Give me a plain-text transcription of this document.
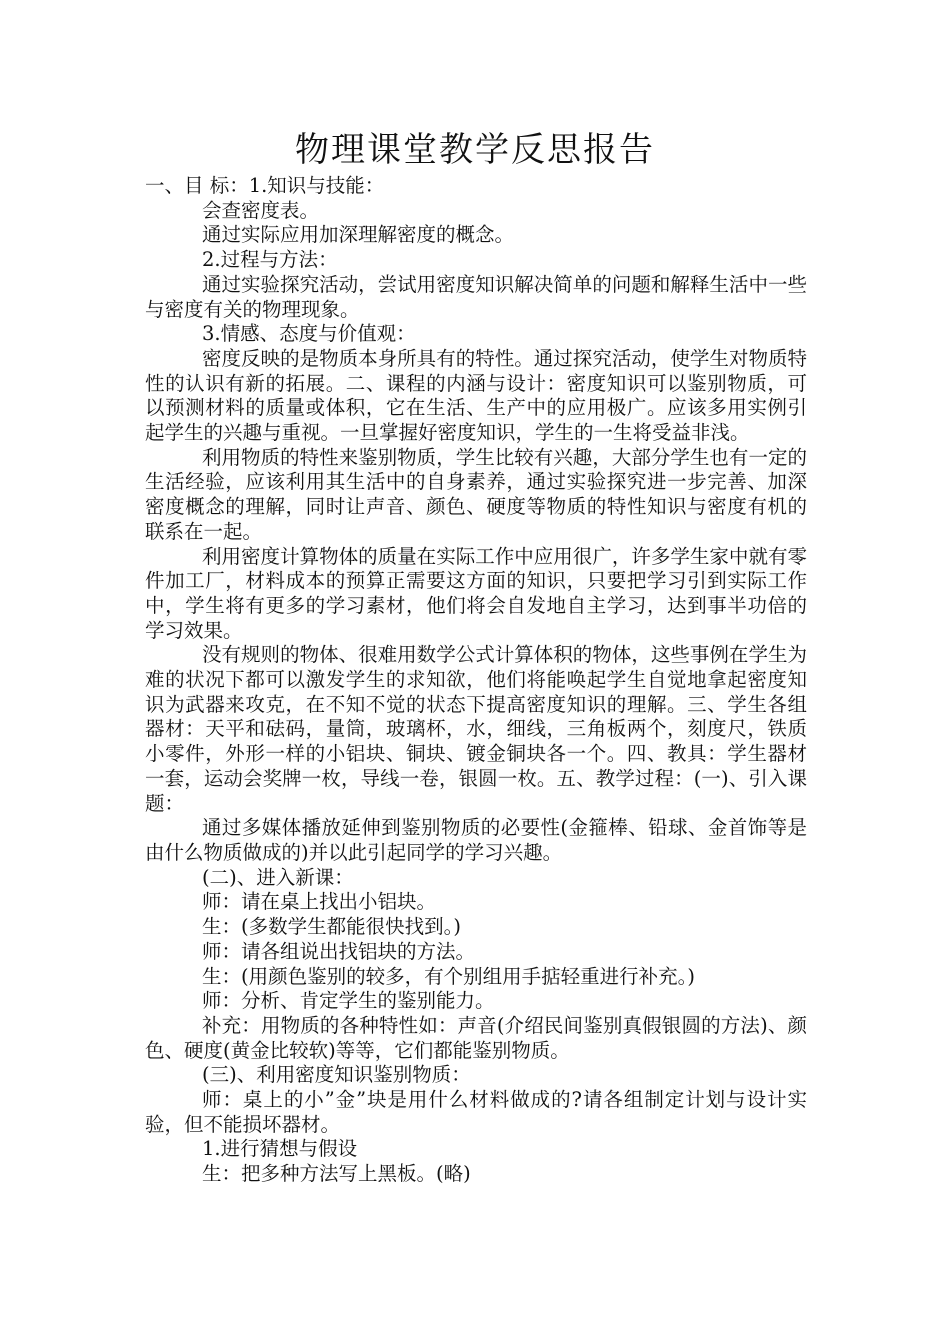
物理课堂教学反思报告

一、目 标：1.知识与技能：

会查密度表。

通过实际应用加深理解密度的概念。

2.过程与方法：

通过实验探究活动，尝试用密度知识解决简单的问题和解释生活中一些与密度有关的物理现象。

3.情感、态度与价值观：

密度反映的是物质本身所具有的特性。通过探究活动，使学生对物质特性的认识有新的拓展。二、课程的内涵与设计：密度知识可以鉴别物质，可以预测材料的质量或体积，它在生活、生产中的应用极广。应该多用实例引起学生的兴趣与重视。一旦掌握好密度知识，学生的一生将受益非浅。

利用物质的特性来鉴别物质，学生比较有兴趣，大部分学生也有一定的生活经验，应该利用其生活中的自身素养，通过实验探究进一步完善、加深密度概念的理解，同时让声音、颜色、硬度等物质的特性知识与密度有机的联系在一起。

利用密度计算物体的质量在实际工作中应用很广，许多学生家中就有零件加工厂，材料成本的预算正需要这方面的知识，只要把学习引到实际工作中，学生将有更多的学习素材，他们将会自发地自主学习，达到事半功倍的学习效果。

没有规则的物体、很难用数学公式计算体积的物体，这些事例在学生为难的状况下都可以激发学生的求知欲，他们将能唤起学生自觉地拿起密度知识为武器来攻克，在不知不觉的状态下提高密度知识的理解。三、学生各组器材：天平和砝码，量筒，玻璃杯，水，细线，三角板两个，刻度尺，铁质小零件，外形一样的小铝块、铜块、镀金铜块各一个。四、教具：学生器材一套，运动会奖牌一枚，导线一卷，银圆一枚。五、教学过程：(一)、引入课题：

通过多媒体播放延伸到鉴别物质的必要性(金箍棒、铅球、金首饰等是由什么物质做成的)并以此引起同学的学习兴趣。

(二)、进入新课：

师：请在桌上找出小铝块。

生：(多数学生都能很快找到。)

师：请各组说出找铝块的方法。

生：(用颜色鉴别的较多，有个别组用手掂轻重进行补充。)

师：分析、肯定学生的鉴别能力。

补充：用物质的各种特性如：声音(介绍民间鉴别真假银圆的方法)、颜色、硬度(黄金比较软)等等，它们都能鉴别物质。

(三)、利用密度知识鉴别物质：

师：桌上的小”金”块是用什么材料做成的?请各组制定计划与设计实验，但不能损坏器材。

1.进行猜想与假设

生：把多种方法写上黑板。(略)
